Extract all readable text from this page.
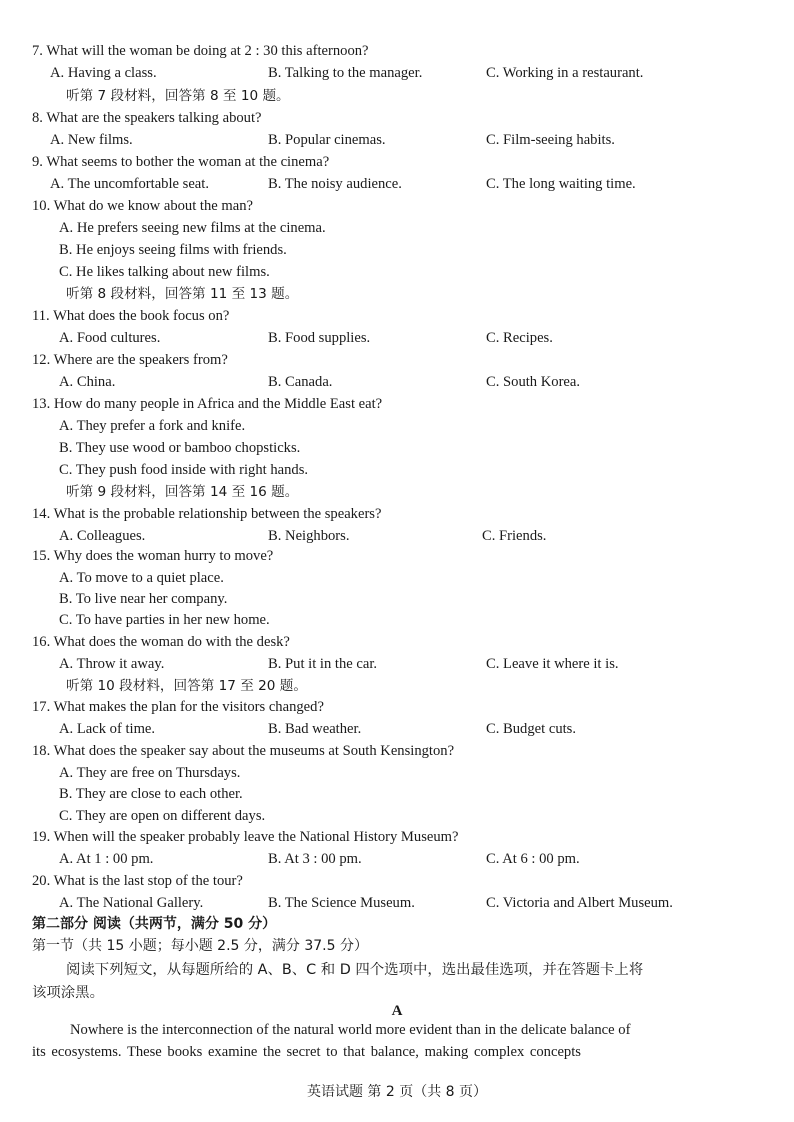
7. What will the woman be doing at 2 : 30 this afternoon?
A. Having a class.	B. Talking to the manager.	C. Working in a restaurant.
听第 7 段材料，回答第 8 至 10 题。
8. What are the speakers talking about?
A. New films.	B. Popular cinemas.	C. Film-seeing habits.
9. What seems to bother the woman at the cinema?
A. The uncomfortable seat.	B. The noisy audience.	C. The long waiting time.
10. What do we know about the man?
A. He prefers seeing new films at the cinema.
B. He enjoys seeing films with friends.
C. He likes talking about new films.
听第 8 段材料，回答第 11 至 13 题。
11. What does the book focus on?
A. Food cultures.	B. Food supplies.	C. Recipes.
12. Where are the speakers from?
A. China.	B. Canada.	C. South Korea.
13. How do many people in Africa and the Middle East eat?
A. They prefer a fork and knife.
B. They use wood or bamboo chopsticks.
C. They push food inside with right hands.
听第 9 段材料，回答第 14 至 16 题。
14. What is the probable relationship between the speakers?
A. Colleagues.	B. Neighbors.	C. Friends.
15. Why does the woman hurry to move?
A. To move to a quiet place.
B. To live near her company.
C. To have parties in her new home.
16. What does the woman do with the desk?
A. Throw it away.	B. Put it in the car.	C. Leave it where it is.
听第 10 段材料，回答第 17 至 20 题。
17. What makes the plan for the visitors changed?
A. Lack of time.	B. Bad weather.	C. Budget cuts.
18. What does the speaker say about the museums at South Kensington?
A. They are free on Thursdays.
B. They are close to each other.
C. They are open on different days.
19. When will the speaker probably leave the National History Museum?
A. At 1 : 00 pm.	B. At 3 : 00 pm.	C. At 6 : 00 pm.
20. What is the last stop of the tour?
A. The National Gallery.	B. The Science Museum.	C. Victoria and Albert Museum.
第二部分 阅读（共两节，满分 50 分）
第一节（共 15 小题；每小题 2.5 分，满分 37.5 分）
阅读下列短文，从每题所给的 A、B、C 和 D 四个选项中，选出最佳选项，并在答题卡上将
该项涂黑。
A
Nowhere is the interconnection of the natural world more evident than in the delicate balance of
its ecosystems. These books examine the secret to that balance, making complex concepts
英语试题 第 2 页（共 8 页）
